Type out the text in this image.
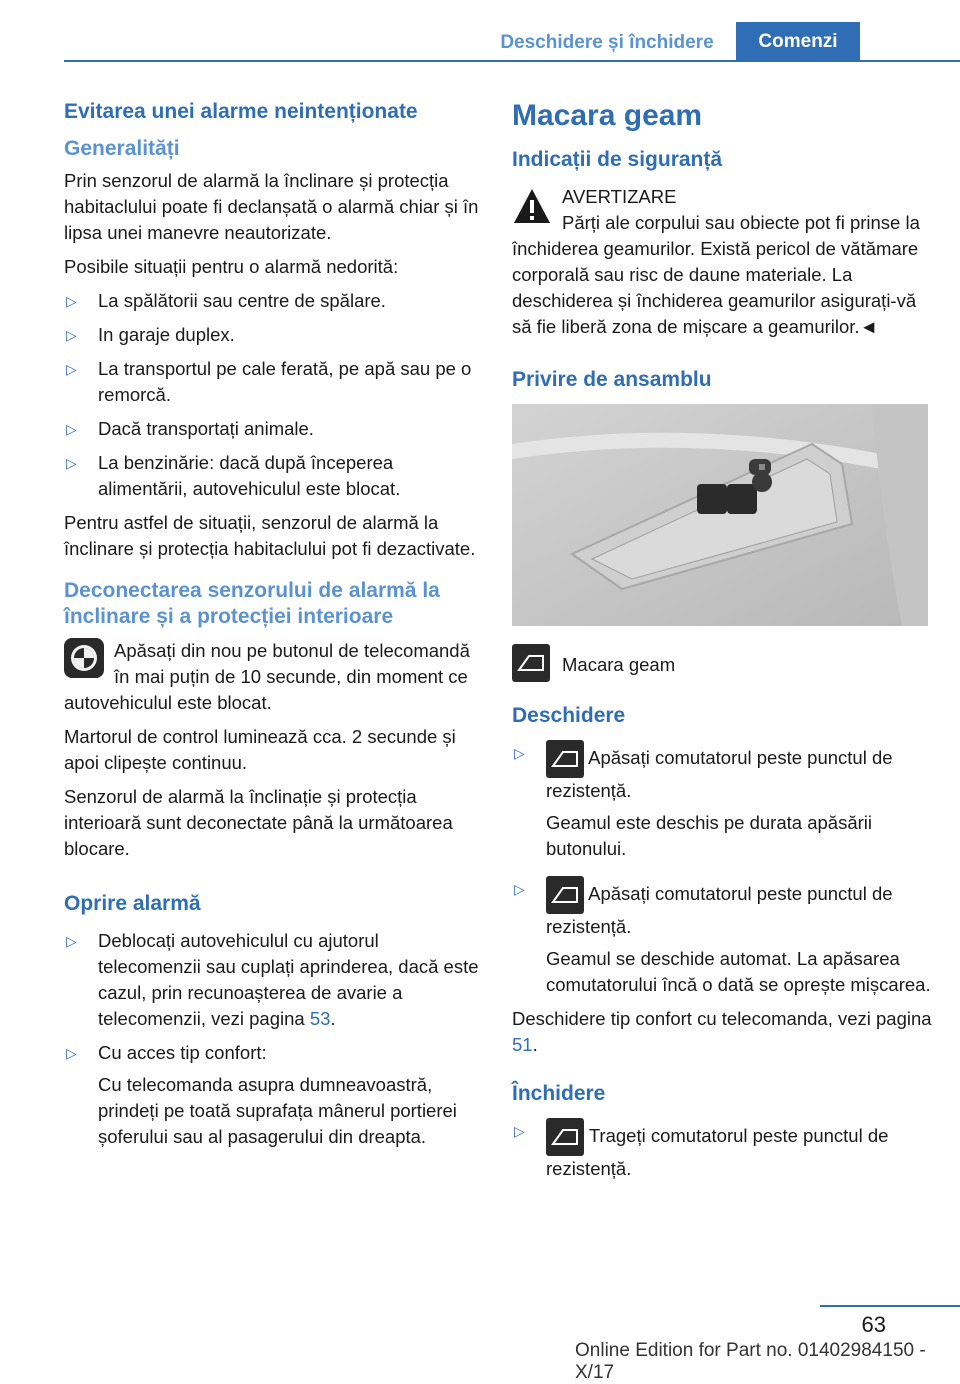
Deschidere și închidere	Comenzi
Evitarea unei alarme neintenționate
Generalități

Prin senzorul de alarmă la înclinare și protecția habitaclului poate fi declanșată o alarmă chiar și în lipsa unei manevre neautorizate.

Posibile situații pentru o alarmă nedorită:

▷ La spălătorii sau centre de spălare.
▷ In garaje duplex.
▷ La transportul pe cale ferată, pe apă sau pe o remorcă.
▷ Dacă transportați animale.
▷ La benzinărie: dacă după începerea alimentării, autovehiculul este blocat.

Pentru astfel de situații, senzorul de alarmă la înclinare și protecția habitaclului pot fi dezactivate.

Deconectarea senzorului de alarmă la înclinare și a protecției interioare

Apăsați din nou pe butonul de telecomandă în mai puțin de 10 secunde, din moment ce autovehiculul este blocat.

Martorul de control luminează cca. 2 secunde și apoi clipește continuu.

Senzorul de alarmă la înclinație și protecția interioară sunt deconectate până la următoarea blocare.

Oprire alarmă
▷ Deblocați autovehiculul cu ajutorul telecomenzii sau cuplați aprinderea, dacă este cazul, prin recunoașterea de avarie a telecomenzii, vezi pagina 53.
▷ Cu acces tip confort:
Cu telecomanda asupra dumneavoastră, prindeți pe toată suprafața mânerul portierei șoferului sau al pasagerului din dreapta.
Macara geam
Indicații de siguranță
AVERTIZARE
Părți ale corpului sau obiecte pot fi prinse la închiderea geamurilor. Există pericol de vătămare corporală sau risc de daune materiale. La deschiderea și închiderea geamurilor asigurați-vă să fie liberă zona de mișcare a geamurilor.◄
Privire de ansamblu
Macara geam
Deschidere
▷ Apăsați comutatorul peste punctul de rezistență.
Geamul este deschis pe durata apăsării butonului.
▷ Apăsați comutatorul peste punctul de rezistență.
Geamul se deschide automat. La apăsarea comutatorului încă o dată se oprește mișcarea.

Deschidere tip confort cu telecomanda, vezi pagina 51.

Închidere
▷ Trageți comutatorul peste punctul de rezistență.
63
Online Edition for Part no. 01402984150 - X/17
